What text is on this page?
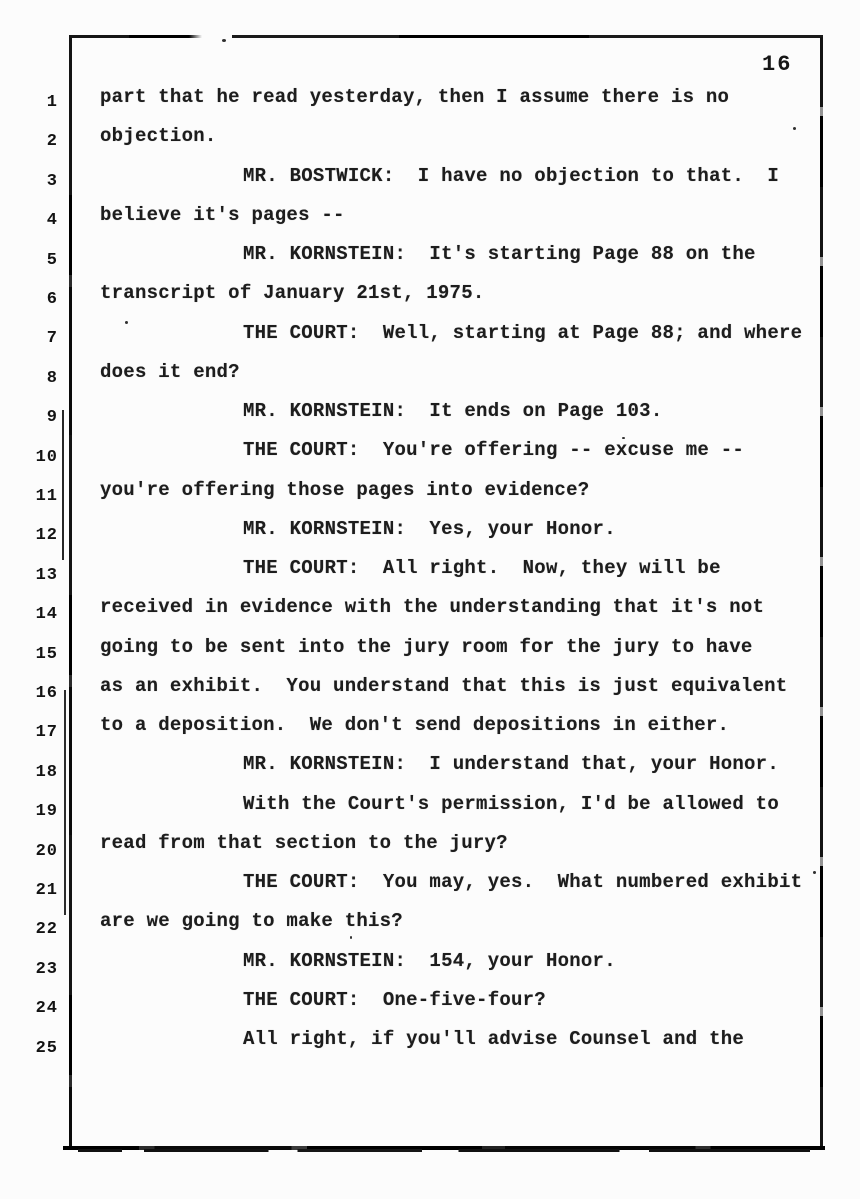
16
1
2
3
4
5
6
7
8
9
10
11
12
13
14
15
16
17
18
19
20
21
22
23
24
25
part that he read yesterday, then I assume there is no
objection.
MR. BOSTWICK:  I have no objection to that.  I
believe it's pages --
MR. KORNSTEIN:  It's starting Page 88 on the
transcript of January 21st, 1975.
THE COURT:  Well, starting at Page 88; and where
does it end?
MR. KORNSTEIN:  It ends on Page 103.
THE COURT:  You're offering -- excuse me --
you're offering those pages into evidence?
MR. KORNSTEIN:  Yes, your Honor.
THE COURT:  All right.  Now, they will be
received in evidence with the understanding that it's not
going to be sent into the jury room for the jury to have
as an exhibit.  You understand that this is just equivalent
to a deposition.  We don't send depositions in either.
MR. KORNSTEIN:  I understand that, your Honor.
With the Court's permission, I'd be allowed to
read from that section to the jury?
THE COURT:  You may, yes.  What numbered exhibit
are we going to make this?
MR. KORNSTEIN:  154, your Honor.
THE COURT:  One-five-four?
All right, if you'll advise Counsel and the
